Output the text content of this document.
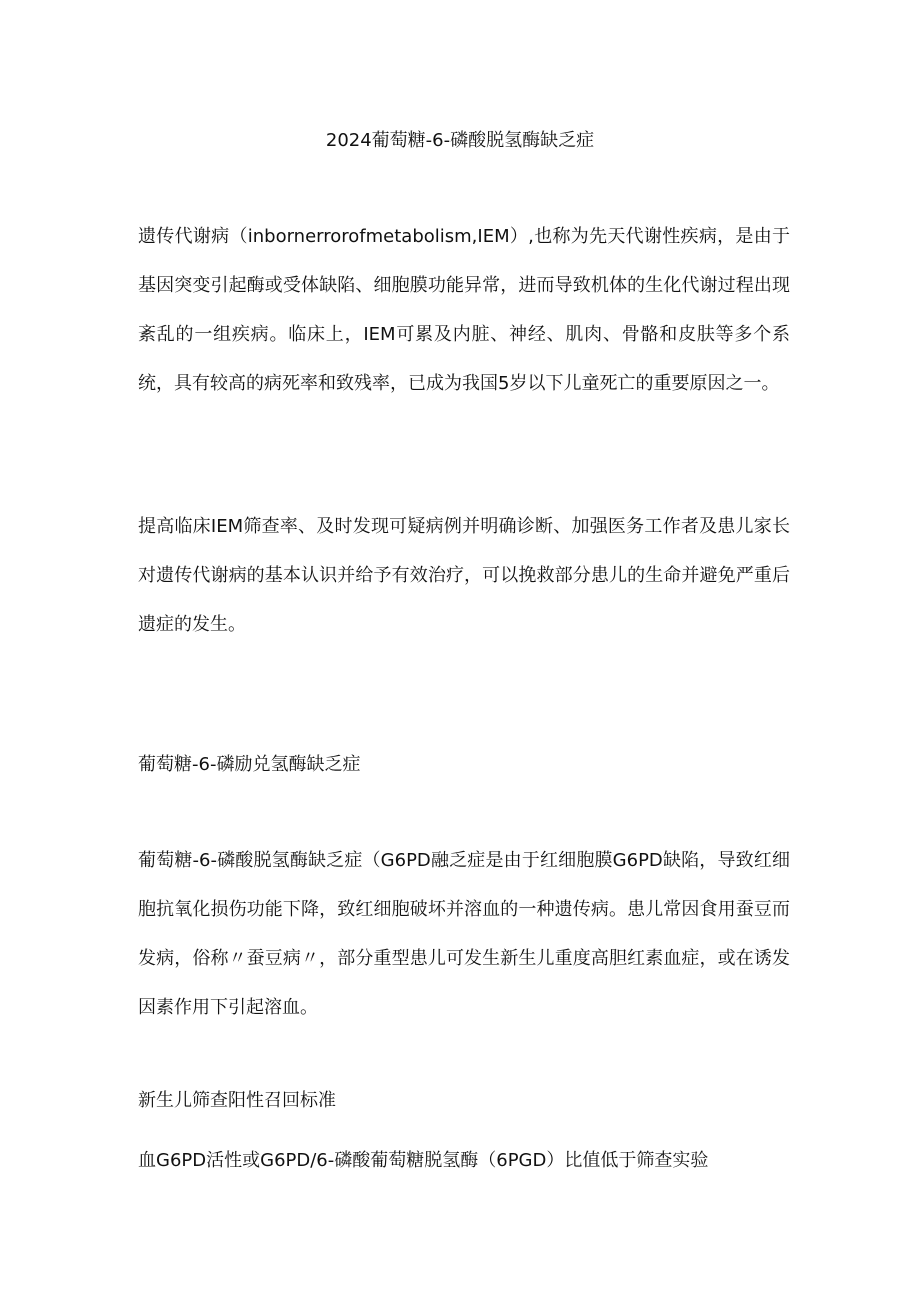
2024葡萄糖-6-磷酸脱氢酶缺乏症

遗传代谢病（inbornerrorofmetabolism,IEM）,也称为先天代谢性疾病，是由于基因突变引起酶或受体缺陷、细胞膜功能异常，进而导致机体的生化代谢过程出现紊乱的一组疾病。临床上，IEM可累及内脏、神经、肌肉、骨骼和皮肤等多个系统，具有较高的病死率和致残率，已成为我国5岁以下儿童死亡的重要原因之一。

提高临床IEM筛查率、及时发现可疑病例并明确诊断、加强医务工作者及患儿家长对遗传代谢病的基本认识并给予有效治疗，可以挽救部分患儿的生命并避免严重后遗症的发生。

葡萄糖-6-磷励兑氢酶缺乏症

葡萄糖-6-磷酸脱氢酶缺乏症（G6PD融乏症是由于红细胞膜G6PD缺陷，导致红细胞抗氧化损伤功能下降，致红细胞破坏并溶血的一种遗传病。患儿常因食用蚕豆而发病，俗称〃蚕豆病〃，部分重型患儿可发生新生儿重度高胆红素血症，或在诱发因素作用下引起溶血。

新生儿筛查阳性召回标准

血G6PD活性或G6PD/6-磷酸葡萄糖脱氢酶（6PGD）比值低于筛查实验
